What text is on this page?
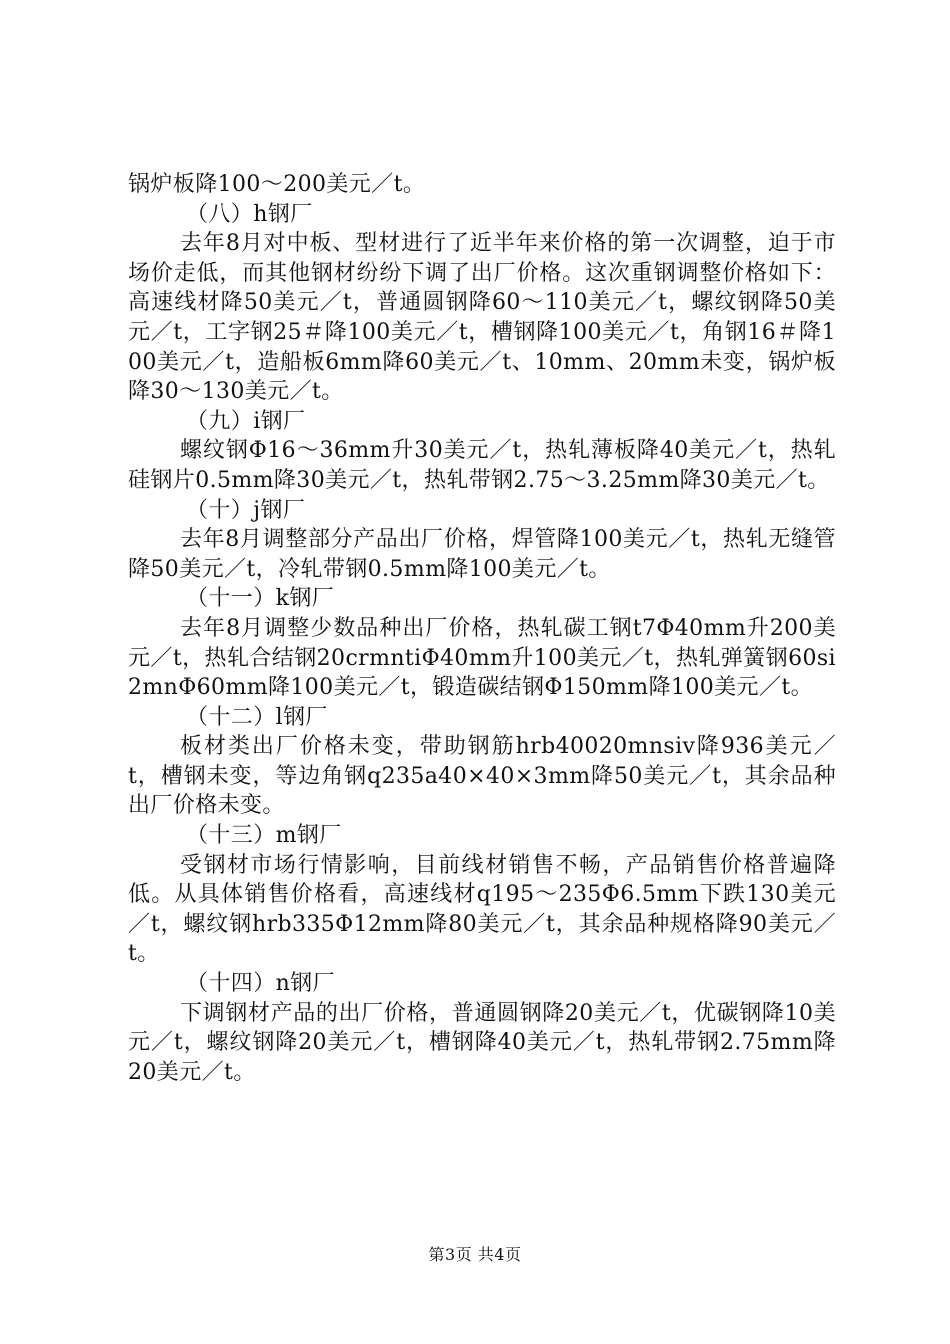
锅炉板降100～200美元／t。

（八）h钢厂

去年8月对中板、型材进行了近半年来价格的第一次调整，迫于市场价走低，而其他钢材纷纷下调了出厂价格。这次重钢调整价格如下：高速线材降50美元／t，普通圆钢降60～110美元／t，螺纹钢降50美元／t，工字钢25＃降100美元／t，槽钢降100美元／t，角钢16＃降100美元／t，造船板6mm降60美元／t、10mm、20mm未变，锅炉板降30～130美元／t。

（九）i钢厂

螺纹钢Φ16～36mm升30美元／t，热轧薄板降40美元／t，热轧硅钢片0.5mm降30美元／t，热轧带钢2.75～3.25mm降30美元／t。

（十）j钢厂

去年8月调整部分产品出厂价格，焊管降100美元／t，热轧无缝管降50美元／t，冷轧带钢0.5mm降100美元／t。

（十一）k钢厂

去年8月调整少数品种出厂价格，热轧碳工钢t7Φ40mm升200美元／t，热轧合结钢20crmntiΦ40mm升100美元／t，热轧弹簧钢60si2mnΦ60mm降100美元／t，锻造碳结钢Φ150mm降100美元／t。

（十二）l钢厂

板材类出厂价格未变，带助钢筋hrb40020mnsiv降936美元／t，槽钢未变，等边角钢q235a40×40×3mm降50美元／t，其余品种出厂价格未变。

（十三）m钢厂

受钢材市场行情影响，目前线材销售不畅，产品销售价格普遍降低。从具体销售价格看，高速线材q195～235Φ6.5mm下跌130美元／t，螺纹钢hrb335Φ12mm降80美元／t，其余品种规格降90美元／t。

（十四）n钢厂

下调钢材产品的出厂价格，普通圆钢降20美元／t，优碳钢降10美元／t，螺纹钢降20美元／t，槽钢降40美元／t，热轧带钢2.75mm降20美元／t。

第3页 共4页
